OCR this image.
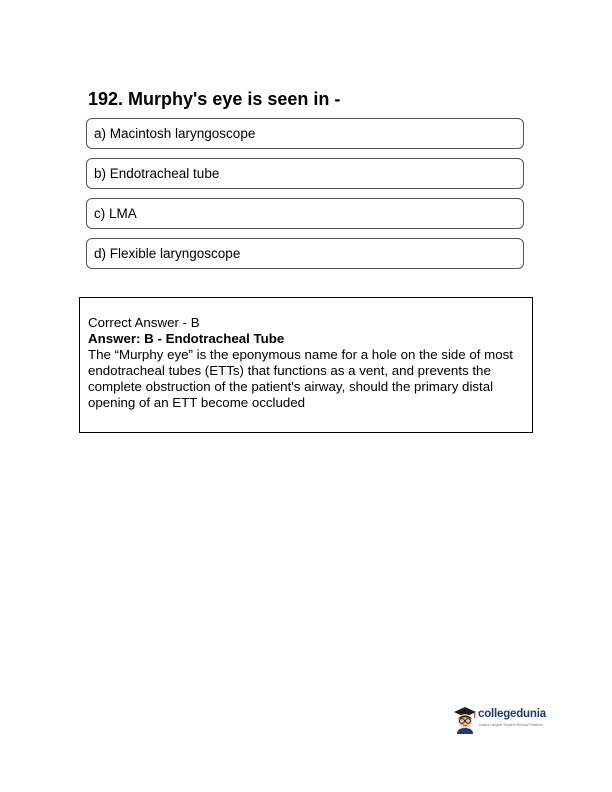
192. Murphy's eye is seen in -
a) Macintosh laryngoscope
b) Endotracheal tube
c) LMA
d) Flexible laryngoscope

Correct Answer - B

Answer: B - Endotracheal Tube

The “Murphy eye” is the eponymous name for a hole on the side of most endotracheal tubes (ETTs) that functions as a vent, and prevents the complete obstruction of the patient's airway, should the primary distal opening of an ETT become occluded

collegedunia
India's Largest Student Review Platform
